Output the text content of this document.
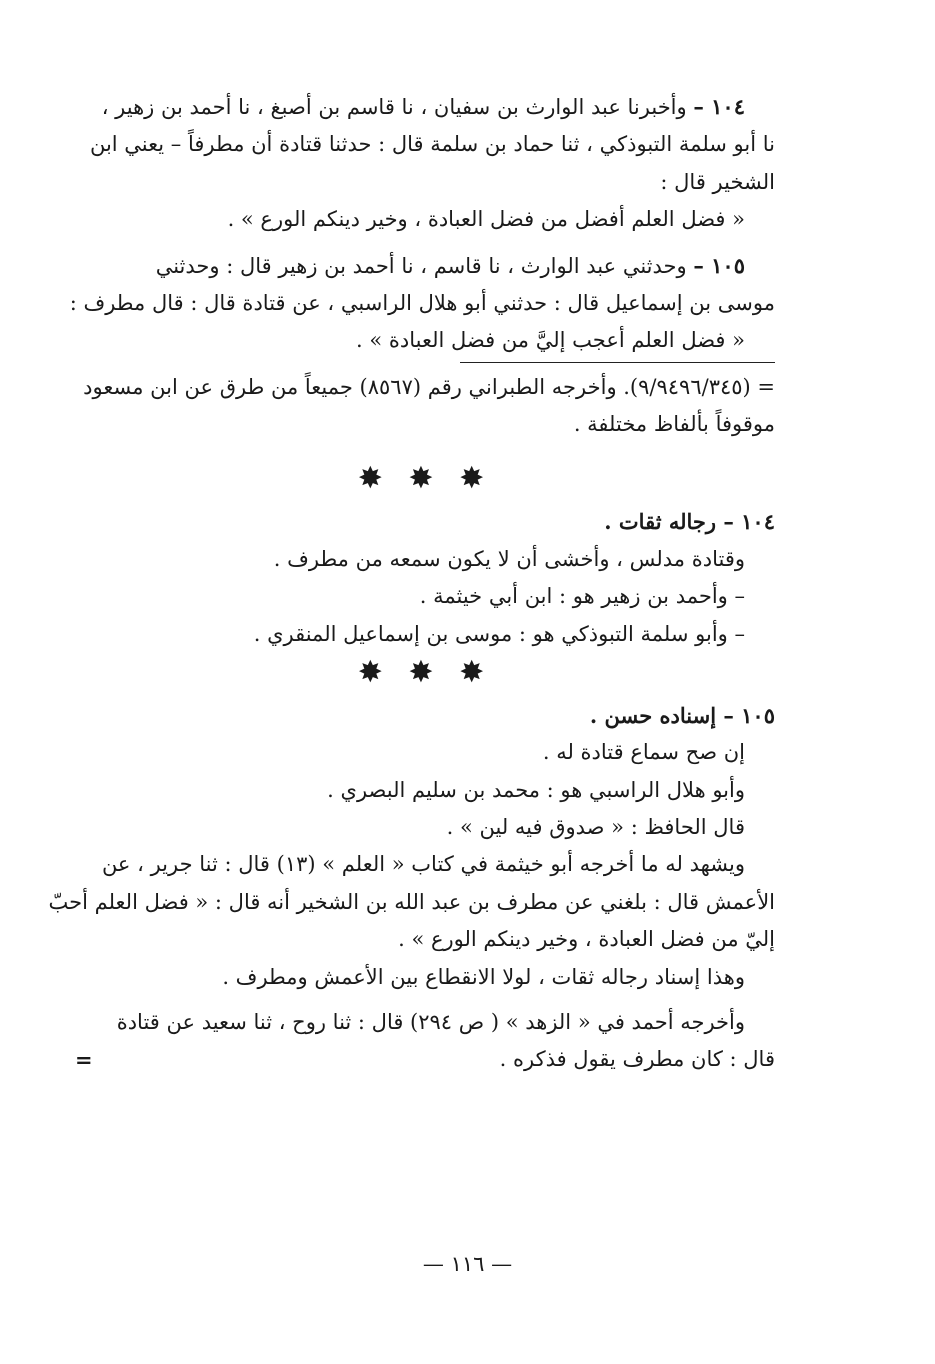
١٠٤ – وأخبرنا عبد الوارث بن سفيان ، نا قاسم بن أصبغ ، نا أحمد بن زهير ،
نا أبو سلمة التبوذكي ، ثنا حماد بن سلمة قال : حدثنا قتادة أن مطرفاً – يعني ابن
الشخير قال :
« فضل العلم أفضل من فضل العبادة ، وخير دينكم الورع » .

١٠٥ – وحدثني عبد الوارث ، نا قاسم ، نا أحمد بن زهير قال : وحدثني
موسى بن إسماعيل قال : حدثني أبو هلال الراسبي ، عن قتادة قال : قال مطرف :
« فضل العلم أعجب إليَّ من فضل العبادة » .

= (٩/٩٤٩٦/٣٤٥). وأخرجه الطبراني رقم (٨٥٦٧) جميعاً من طرق عن ابن مسعود
موقوفاً بألفاظ مختلفة .

✸ ✸ ✸

١٠٤ – رجاله ثقات .
وقتادة مدلس ، وأخشى أن لا يكون سمعه من مطرف .
– وأحمد بن زهير هو : ابن أبي خيثمة .
– وأبو سلمة التبوذكي هو : موسى بن إسماعيل المنقري .

✸ ✸ ✸

١٠٥ – إسناده حسن .
إن صح سماع قتادة له .
وأبو هلال الراسبي هو : محمد بن سليم البصري .
قال الحافظ : « صدوق فيه لين » .
ويشهد له ما أخرجه أبو خيثمة في كتاب « العلم » (١٣) قال : ثنا جرير ، عن
الأعمش قال : بلغني عن مطرف بن عبد الله بن الشخير أنه قال : « فضل العلم أحبّ
إليّ من فضل العبادة ، وخير دينكم الورع » .
وهذا إسناد رجاله ثقات ، لولا الانقطاع بين الأعمش ومطرف .

وأخرجه أحمد في « الزهد » ( ص ٢٩٤) قال : ثنا روح ، ثنا سعيد عن قتادة
قال : كان مطرف يقول فذكره .
=

— ١١٦ —
